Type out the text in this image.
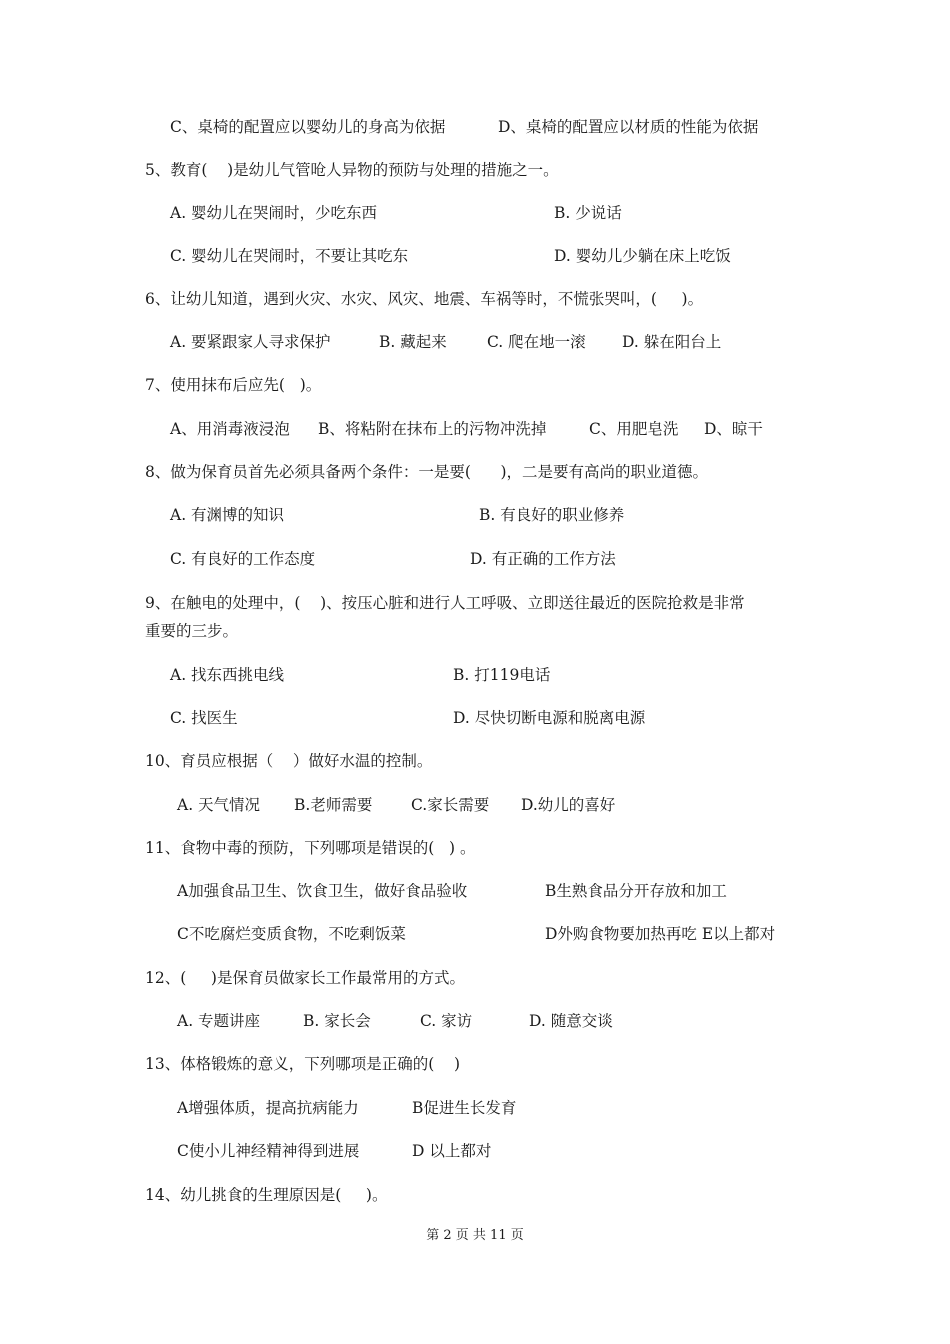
C、桌椅的配置应以婴幼儿的身高为依据	D、桌椅的配置应以材质的性能为依据
5、教育(    )是幼儿气管呛人异物的预防与处理的措施之一。
A. 婴幼儿在哭闹时，少吃东西	B. 少说话
C. 婴幼儿在哭闹时，不要让其吃东	D. 婴幼儿少躺在床上吃饭
6、让幼儿知道，遇到火灾、水灾、风灾、地震、车祸等时，不慌张哭叫，(     )。
A. 要紧跟家人寻求保护	B. 藏起来	C. 爬在地一滚 D. 躲在阳台上
7、使用抹布后应先(   )。
A、用消毒液浸泡 B、将粘附在抹布上的污物冲洗掉	C、用肥皂洗 D、晾干
8、做为保育员首先必须具备两个条件：一是要(      )，二是要有高尚的职业道德。
A. 有渊博的知识	B. 有良好的职业修养
C. 有良好的工作态度	D. 有正确的工作方法
9、在触电的处理中，(    )、按压心脏和进行人工呼吸、立即送往最近的医院抢救是非常
重要的三步。
A. 找东西挑电线	B. 打119电话
C. 找医生	D. 尽快切断电源和脱离电源
10、育员应根据（    ）做好水温的控制。
A. 天气情况 B.老师需要 C.家长需要 D.幼儿的喜好
11、食物中毒的预防，下列哪项是错误的(   ) 。
A加强食品卫生、饮食卫生，做好食品验收	B生熟食品分开存放和加工
C不吃腐烂变质食物，不吃剩饭菜	D外购食物要加热再吃 E以上都对
12、(     )是保育员做家长工作最常用的方式。
A. 专题讲座	B. 家长会	C. 家访	D. 随意交谈
13、体格锻炼的意义，下列哪项是正确的(    )
A增强体质，提高抗病能力	B促进生长发育
C使小儿神经精神得到进展	D 以上都对
14、幼儿挑食的生理原因是(     )。
第 2 页 共 11 页
